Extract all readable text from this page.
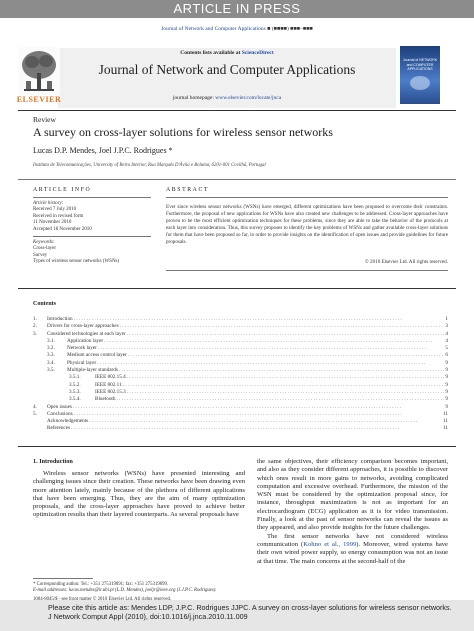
ARTICLE IN PRESS
Journal of Network and Computer Applications ■ (■■■■) ■■■–■■■
ELSEVIER
Contents lists available at ScienceDirect
Journal of Network and Computer Applications
journal homepage: www.elsevier.com/locate/jnca
Journal of NETWORK and COMPUTER APPLICATIONS
Review
A survey on cross-layer solutions for wireless sensor networks
Lucas D.P. Mendes, Joel J.P.C. Rodrigues *
Instituto de Telecomunicações, University of Beira Interior, Rua Marquês D'Ávila e Bolama, 6201-001 Covilhã, Portugal
ARTICLE INFO
Article history:
Received 7 July 2010
Received in revised form
11 November 2010
Accepted 18 November 2010
Keywords:
Cross-layer
Survey
Types of wireless sensor networks (WSNs)
ABSTRACT
Ever since wireless sensor networks (WSNs) have emerged, different optimizations have been proposed to overcome their constraints. Furthermore, the proposal of new applications for WSNs have also created new challenges to be addressed. Cross-layer approaches have proven to be the most efficient optimization techniques for these problems, since they are able to take the behavior of the protocols at each layer into consideration. Thus, this survey proposes to identify the key problems of WSNs and gather available cross-layer solutions for them that have been proposed so far, in order to provide insights on the identification of open issues and provide guidelines for future proposals.
© 2010 Elsevier Ltd. All rights reserved.
Contents
1.	Introduction . . .	1
2.	Drivers for cross-layer approaches . . .	3
3.	Considered technologies at each layer . . .	4
3.1.	Application layer . . .	4
3.2.	Network layer . . .	5
3.3.	Medium access control layer . . .	6
3.4.	Physical layer . . .	9
3.5.	Multiple-layer standards . . .	9
3.5.1.	IEEE 802.15.4 . . .	9
3.5.2.	IEEE 802.11 . . .	9
3.5.3.	IEEE 802.15.3 . . .	9
3.5.4.	Bluetooth . . .	9
4.	Open issues . . .	9
5.	Conclusions . . .	11
Acknowledgements . . .	11
References . . .	11
1. Introduction
Wireless sensor networks (WSNs) have presented interesting and challenging issues since their creation. These networks have been drawing even more attention lately, mainly because of the plethora of different applications that have been emerging. Thus, they are the aim of many optimization proposals, and the cross-layer approaches have proved to achieve better optimization results than their layered counterparts. As several proposals have

the same objectives, their efficiency comparison becomes important, and also as they consider different approaches, it is possible to discover which ones result in more gains to networks, avoiding complicated computation and excessive overhead. Furthermore, the mission of the WSN must be considered by the optimization proposal since, for instance, throughput maximization is not as important for an electrocardiogram (ECG) application as it is for video transmission. Finally, a look at the past of sensor networks can reveal the issues as they appeared, and also provide insights for the future challenges.

The first sensor networks have not considered wireless communication (Kohno et al., 1999). Moreover, wired systems have their own wired power supply, so energy consumption was not an issue at that time. The main concerns at the second-half of the

* Corresponding author. Tel.: +351 275319891; fax: +351 275319899.
E-mail addresses: lucas.mendes@it.ubi.pt (L.D. Mendes), joeljr@ieee.org (J.J.P.C. Rodrigues).
Please cite this article as: Mendes LDP, J.P.C. Rodrigues JJPC. A survey on cross-layer solutions for wireless sensor networks. J Network Comput Appl (2010), doi:10.1016/j.jnca.2010.11.009
